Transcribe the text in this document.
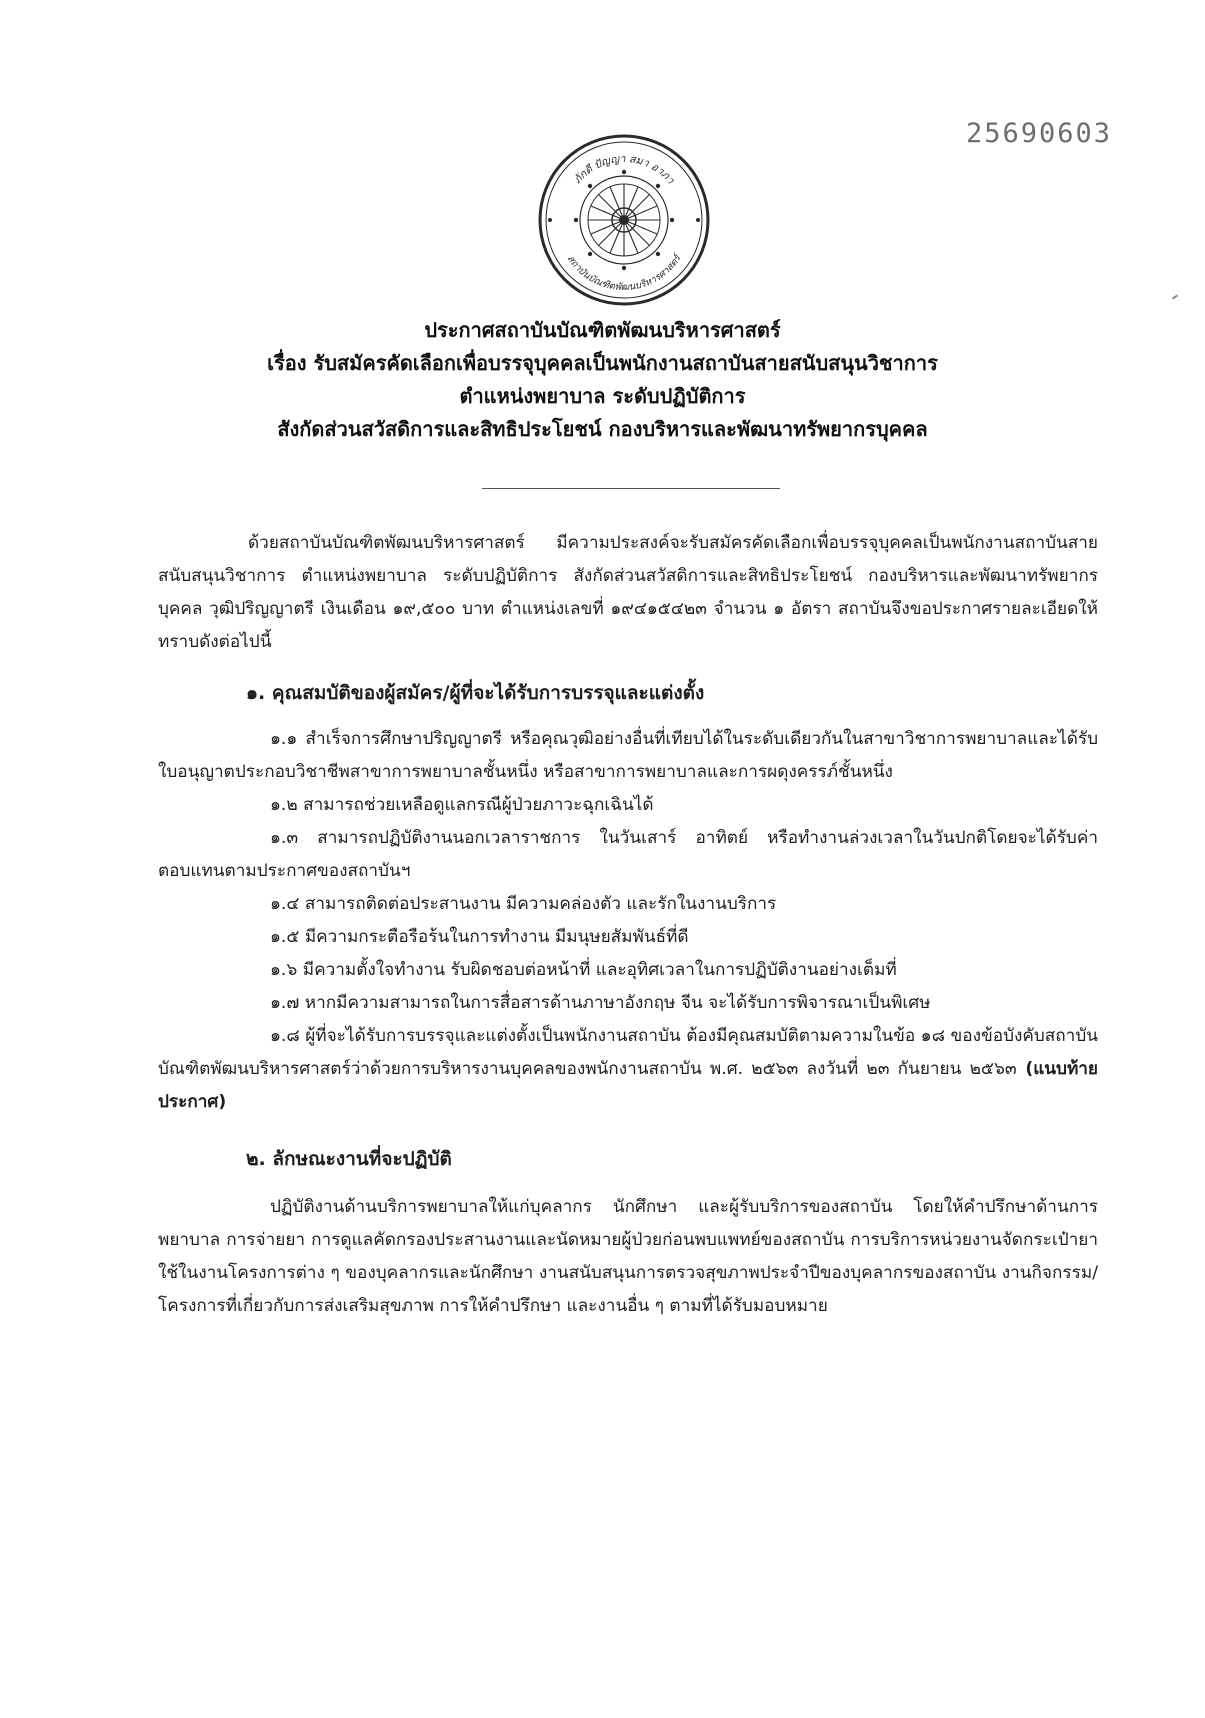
25690603
ภักดี ปัญญา สมา อาภา
สถาบันบัณฑิตพัฒนบริหารศาสตร์
ประกาศสถาบันบัณฑิตพัฒนบริหารศาสตร์
เรื่อง รับสมัครคัดเลือกเพื่อบรรจุบุคคลเป็นพนักงานสถาบันสายสนับสนุนวิชาการ
ตำแหน่งพยาบาล ระดับปฏิบัติการ
สังกัดส่วนสวัสดิการและสิทธิประโยชน์ กองบริหารและพัฒนาทรัพยากรบุคคล

ด้วยสถาบันบัณฑิตพัฒนบริหารศาสตร์ มีความประสงค์จะรับสมัครคัดเลือกเพื่อบรรจุบุคคลเป็นพนักงานสถาบันสายสนับสนุนวิชาการ ตำแหน่งพยาบาล ระดับปฏิบัติการ สังกัดส่วนสวัสดิการและสิทธิประโยชน์ กองบริหารและพัฒนาทรัพยากรบุคคล วุฒิปริญญาตรี เงินเดือน ๑๙,๕๐๐ บาท ตำแหน่งเลขที่ ๑๙๔๑๕๔๒๓ จำนวน ๑ อัตรา สถาบันจึงขอประกาศรายละเอียดให้ทราบดังต่อไปนี้

๑. คุณสมบัติของผู้สมัคร/ผู้ที่จะได้รับการบรรจุและแต่งตั้ง

๑.๑ สำเร็จการศึกษาปริญญาตรี หรือคุณวุฒิอย่างอื่นที่เทียบได้ในระดับเดียวกันในสาขาวิชาการพยาบาลและได้รับใบอนุญาตประกอบวิชาชีพสาขาการพยาบาลชั้นหนึ่ง หรือสาขาการพยาบาลและการผดุงครรภ์ชั้นหนึ่ง

๑.๒ สามารถช่วยเหลือดูแลกรณีผู้ป่วยภาวะฉุกเฉินได้

๑.๓ สามารถปฏิบัติงานนอกเวลาราชการ ในวันเสาร์ อาทิตย์ หรือทำงานล่วงเวลาในวันปกติโดยจะได้รับค่าตอบแทนตามประกาศของสถาบันฯ

๑.๔ สามารถติดต่อประสานงาน มีความคล่องตัว และรักในงานบริการ

๑.๕ มีความกระตือรือร้นในการทำงาน มีมนุษยสัมพันธ์ที่ดี

๑.๖ มีความตั้งใจทำงาน รับผิดชอบต่อหน้าที่ และอุทิศเวลาในการปฏิบัติงานอย่างเต็มที่

๑.๗ หากมีความสามารถในการสื่อสารด้านภาษาอังกฤษ จีน จะได้รับการพิจารณาเป็นพิเศษ

๑.๘ ผู้ที่จะได้รับการบรรจุและแต่งตั้งเป็นพนักงานสถาบัน ต้องมีคุณสมบัติตามความในข้อ ๑๘ ของข้อบังคับสถาบันบัณฑิตพัฒนบริหารศาสตร์ว่าด้วยการบริหารงานบุคคลของพนักงานสถาบัน พ.ศ. ๒๕๖๓ ลงวันที่ ๒๓ กันยายน ๒๕๖๓ (แนบท้ายประกาศ)

๒. ลักษณะงานที่จะปฏิบัติ

ปฏิบัติงานด้านบริการพยาบาลให้แก่บุคลากร นักศึกษา และผู้รับบริการของสถาบัน โดยให้คำปรึกษาด้านการพยาบาล การจ่ายยา การดูแลคัดกรองประสานงานและนัดหมายผู้ป่วยก่อนพบแพทย์ของสถาบัน การบริการหน่วยงานจัดกระเป๋ายาใช้ในงานโครงการต่าง ๆ ของบุคลากรและนักศึกษา งานสนับสนุนการตรวจสุขภาพประจำปีของบุคลากรของสถาบัน งานกิจกรรม/โครงการที่เกี่ยวกับการส่งเสริมสุขภาพ การให้คำปรึกษา และงานอื่น ๆ ตามที่ได้รับมอบหมาย
